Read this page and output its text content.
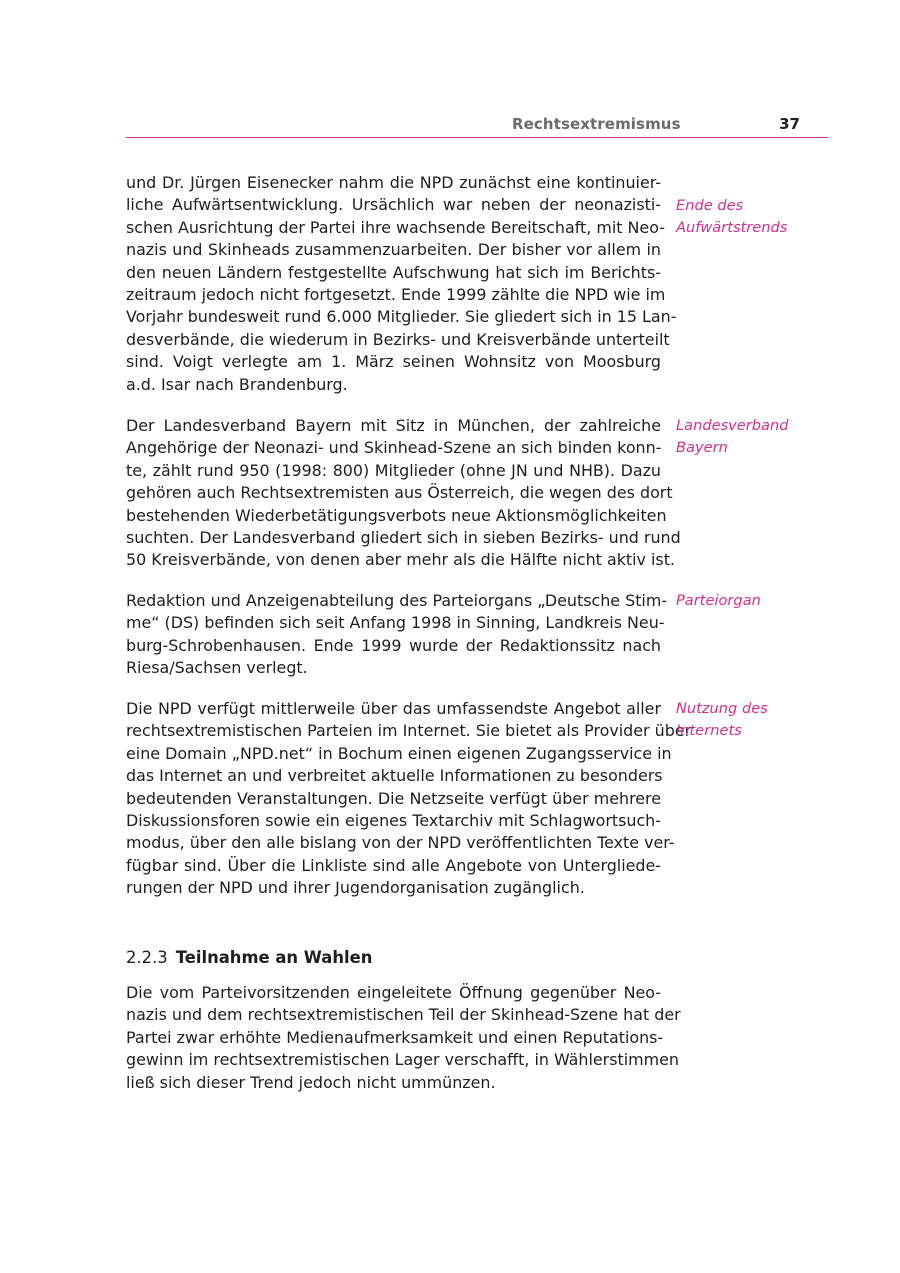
Rechtsextremismus	37

und Dr. Jürgen Eisenecker nahm die NPD zunächst eine kontinuier-
liche Aufwärtsentwicklung. Ursächlich war neben der neonazisti-
schen Ausrichtung der Partei ihre wachsende Bereitschaft, mit Neo-
nazis und Skinheads zusammenzuarbeiten. Der bisher vor allem in
den neuen Ländern festgestellte Aufschwung hat sich im Berichts-
zeitraum jedoch nicht fortgesetzt. Ende 1999 zählte die NPD wie im
Vorjahr bundesweit rund 6.000 Mitglieder. Sie gliedert sich in 15 Lan-
desverbände, die wiederum in Bezirks- und Kreisverbände unterteilt
sind. Voigt verlegte am 1. März seinen Wohnsitz von Moosburg
a.d. Isar nach Brandenburg.

Ende des
Aufwärtstrends

Der Landesverband Bayern mit Sitz in München, der zahlreiche
Angehörige der Neonazi- und Skinhead-Szene an sich binden konn-
te, zählt rund 950 (1998: 800) Mitglieder (ohne JN und NHB). Dazu
gehören auch Rechtsextremisten aus Österreich, die wegen des dort
bestehenden Wiederbetätigungsverbots neue Aktionsmöglichkeiten
suchten. Der Landesverband gliedert sich in sieben Bezirks- und rund
50 Kreisverbände, von denen aber mehr als die Hälfte nicht aktiv ist.

Landesverband
Bayern

Redaktion und Anzeigenabteilung des Parteiorgans „Deutsche Stim-
me“ (DS) befinden sich seit Anfang 1998 in Sinning, Landkreis Neu-
burg-Schrobenhausen. Ende 1999 wurde der Redaktionssitz nach
Riesa/Sachsen verlegt.

Parteiorgan

Die NPD verfügt mittlerweile über das umfassendste Angebot aller
rechtsextremistischen Parteien im Internet. Sie bietet als Provider über
eine Domain „NPD.net“ in Bochum einen eigenen Zugangsservice in
das Internet an und verbreitet aktuelle Informationen zu besonders
bedeutenden Veranstaltungen. Die Netzseite verfügt über mehrere
Diskussionsforen sowie ein eigenes Textarchiv mit Schlagwortsuch-
modus, über den alle bislang von der NPD veröffentlichten Texte ver-
fügbar sind. Über die Linkliste sind alle Angebote von Untergliede-
rungen der NPD und ihrer Jugendorganisation zugänglich.

Nutzung des
Internets
2.2.3 Teilnahme an Wahlen

Die vom Parteivorsitzenden eingeleitete Öffnung gegenüber Neo-
nazis und dem rechtsextremistischen Teil der Skinhead-Szene hat der
Partei zwar erhöhte Medienaufmerksamkeit und einen Reputations-
gewinn im rechtsextremistischen Lager verschafft, in Wählerstimmen
ließ sich dieser Trend jedoch nicht ummünzen.
